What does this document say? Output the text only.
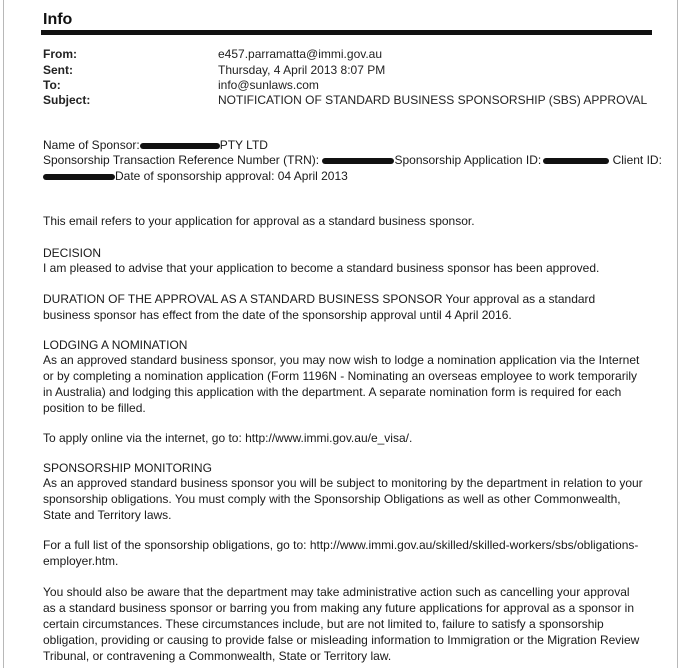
Info
From:	e457.parramatta@immi.gov.au
Sent:	Thursday, 4 April 2013 8:07 PM
To:	info@sunlaws.com
Subject:	NOTIFICATION OF STANDARD BUSINESS SPONSORSHIP (SBS) APPROVAL
Name of Sponsor:	PTY LTD
Sponsorship Transaction Reference Number (TRN):	Sponsorship Application ID:	Client ID:
Date of sponsorship approval: 04 April 2013
This email refers to your application for approval as a standard business sponsor.
DECISION
I am pleased to advise that your application to become a standard business sponsor has been approved.
DURATION OF THE APPROVAL AS A STANDARD BUSINESS SPONSOR Your approval as a standard business sponsor has effect from the date of the sponsorship approval until 4 April 2016.
LODGING A NOMINATION
As an approved standard business sponsor, you may now wish to lodge a nomination application via the Internet or by completing a nomination application (Form 1196N - Nominating an overseas employee to work temporarily in Australia) and lodging this application with the department. A separate nomination form is required for each position to be filled.
To apply online via the internet, go to: http://www.immi.gov.au/e_visa/.
SPONSORSHIP MONITORING
As an approved standard business sponsor you will be subject to monitoring by the department in relation to your sponsorship obligations. You must comply with the Sponsorship Obligations as well as other Commonwealth, State and Territory laws.
For a full list of the sponsorship obligations, go to: http://www.immi.gov.au/skilled/skilled-workers/sbs/obligations-employer.htm.
You should also be aware that the department may take administrative action such as cancelling your approval as a standard business sponsor or barring you from making any future applications for approval as a sponsor in certain circumstances. These circumstances include, but are not limited to, failure to satisfy a sponsorship obligation, providing or causing to provide false or misleading information to Immigration or the Migration Review Tribunal, or contravening a Commonwealth, State or Territory law.
